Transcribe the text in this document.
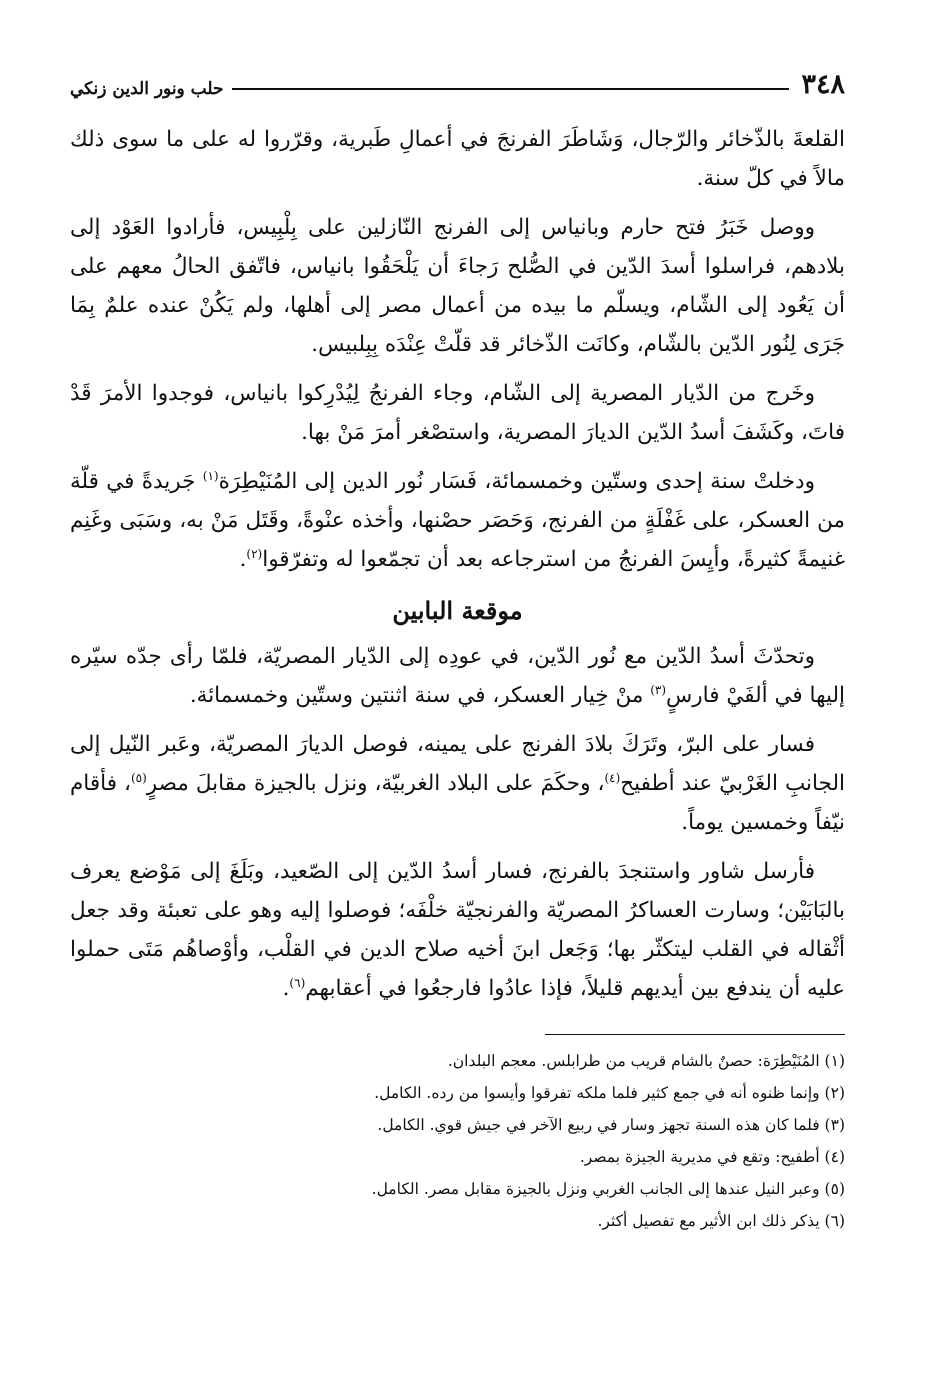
٣٤٨
حلب ونور الدين زنكي

القلعةَ بالذّخائر والرّجال، وَشَاطَرَ الفرنجَ في أعمالِ طَبرية، وقرّروا له على ما سوى ذلك مالاً في كلّ سنة.

ووصل خَبَرُ فتح حارم وبانياس إلى الفرنج النّازلين على بِلْبِيس، فأرادوا العَوْد إلى بلادهم، فراسلوا أسدَ الدّين في الصُّلح رَجاءَ أن يَلْحَقُوا بانياس، فاتّفق الحالُ معهم على أن يَعُود إلى الشّام، ويسلّم ما بيده من أعمال مصر إلى أهلها، ولم يَكُنْ عنده علمٌ بِمَا جَرَى لِنُور الدّين بالشّام، وكانَت الذّخائر قد قلّتْ عِنْدَه بِبِلبيس.

وخَرج من الدّيار المصرية إلى الشّام، وجاء الفرنجُ لِيُدْرِكوا بانياس، فوجدوا الأمرَ قَدْ فاتَ، وكَشَفَ أسدُ الدّين الديارَ المصرية، واستصْغر أمرَ مَنْ بها.

ودخلتْ سنة إحدى وستّين وخمسمائة، فَسَار نُور الدين إلى المُنَيْطِرَة$^{(١)}$ جَريدةً في قلّة من العسكر، على غَفْلَةٍ من الفرنج، وَحَصَر حصْنها، وأخذه عنْوةً، وقَتَل مَنْ به، وسَبَى وغَنِم غنيمةً كثيرةً، وأيِسَ الفرنجُ من استرجاعه بعد أن تجمّعوا له وتفرّقوا$^{(٢)}$.

موقعة البابين

وتحدّثَ أسدُ الدّين مع نُور الدّين، في عودِه إلى الدّيار المصريّة، فلمّا رأى جدّه سيّره إليها في ألفَيْ فارسٍ$^{(٣)}$ منْ خِيار العسكر، في سنة اثنتين وستّين وخمسمائة.

فسار على البرّ، وتَرَكَ بلادَ الفرنج على يمينه، فوصل الديارَ المصريّة، وعَبر النّيل إلى الجانبِ الغَرْبيّ عند أطفيح$^{(٤)}$، وحكَمَ على البلاد الغربيّة، ونزل بالجيزة مقابلَ مصرٍ$^{(٥)}$، فأقام نيّفاً وخمسين يوماً.

فأرسل شاور واستنجدَ بالفرنج، فسار أسدُ الدّين إلى الصّعيد، وبَلَغَ إلى مَوْضع يعرف بالبَابَيْن؛ وسارت العساكرُ المصريّة والفرنجيّة خلْفَه؛ فوصلوا إليه وهو على تعبئة وقد جعل أثْقاله في القلب ليتكثّر بها؛ وَجَعل ابنَ أخيه صلاح الدين في القلْب، وأوْصاهُم مَتَى حملوا عليه أن يندفع بين أيديهم قليلاً، فإذا عادُوا فارجعُوا في أعقابهم$^{(٦)}$.

(١) المُنَيْطِرَة: حصنٌ بالشام قريب من طرابلس. معجم البلدان.
(٢) وإنما ظنوه أنه في جمع كثير فلما ملكه تفرقوا وأيسوا من رده. الكامل.
(٣) فلما كان هذه السنة تجهز وسار في ربيع الآخر في جيش قوي. الكامل.
(٤) أطفيح: وتقع في مديرية الجيزة بمصر.
(٥) وعبر النيل عندها إلى الجانب الغربي ونزل بالجيزة مقابل مصر. الكامل.
(٦) يذكر ذلك ابن الأثير مع تفصيل أكثر.
